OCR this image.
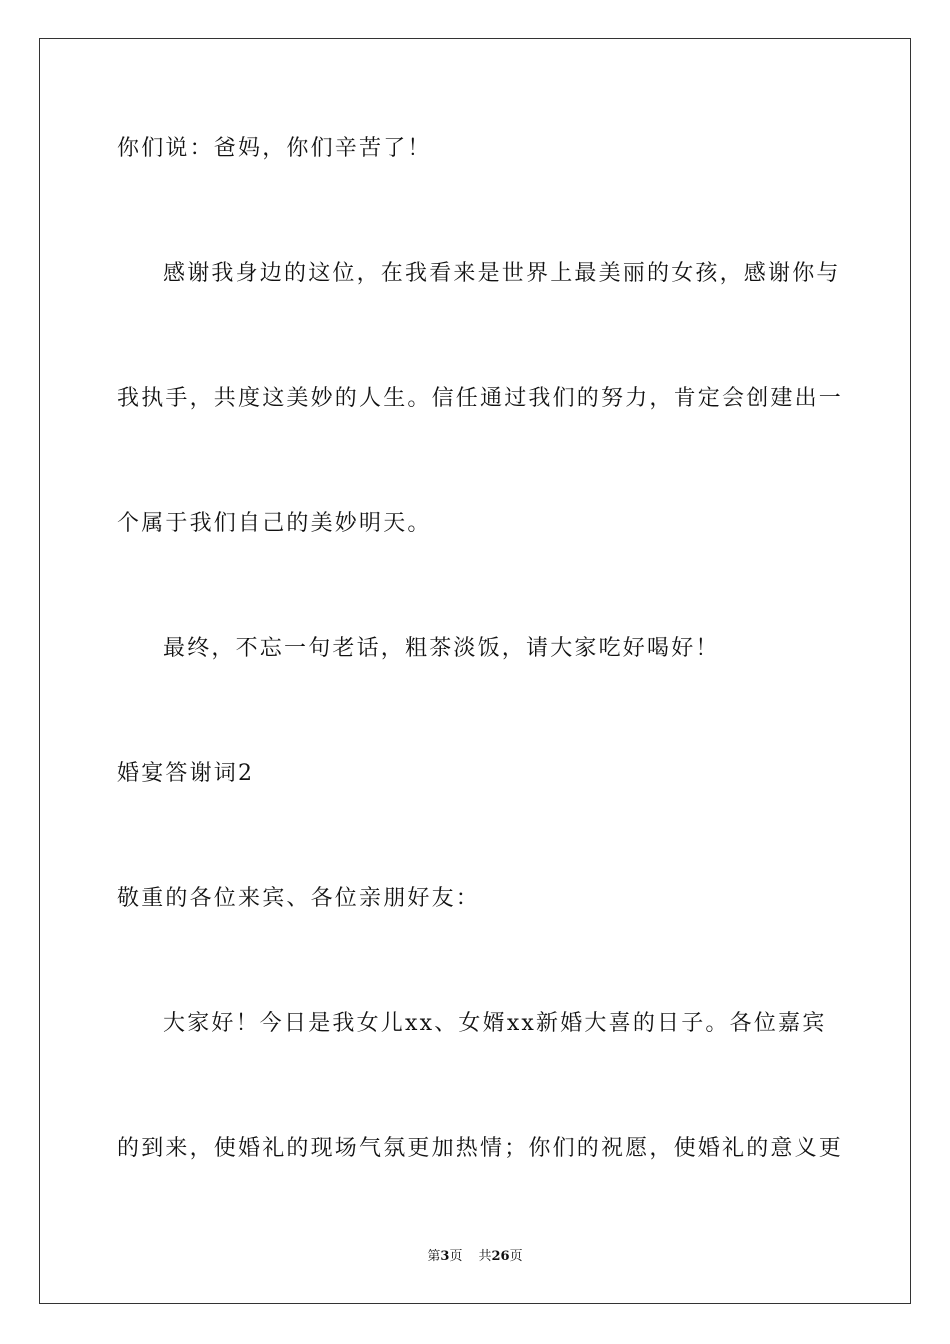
你们说：爸妈，你们辛苦了！
感谢我身边的这位，在我看来是世界上最美丽的女孩，感谢你与
我执手，共度这美妙的人生。信任通过我们的努力，肯定会创建出一
个属于我们自己的美妙明天。
最终，不忘一句老话，粗茶淡饭，请大家吃好喝好！
婚宴答谢词2
敬重的各位来宾、各位亲朋好友：
大家好！今日是我女儿xx、女婿xx新婚大喜的日子。各位嘉宾
的到来，使婚礼的现场气氛更加热情；你们的祝愿，使婚礼的意义更
第3页 共26页
